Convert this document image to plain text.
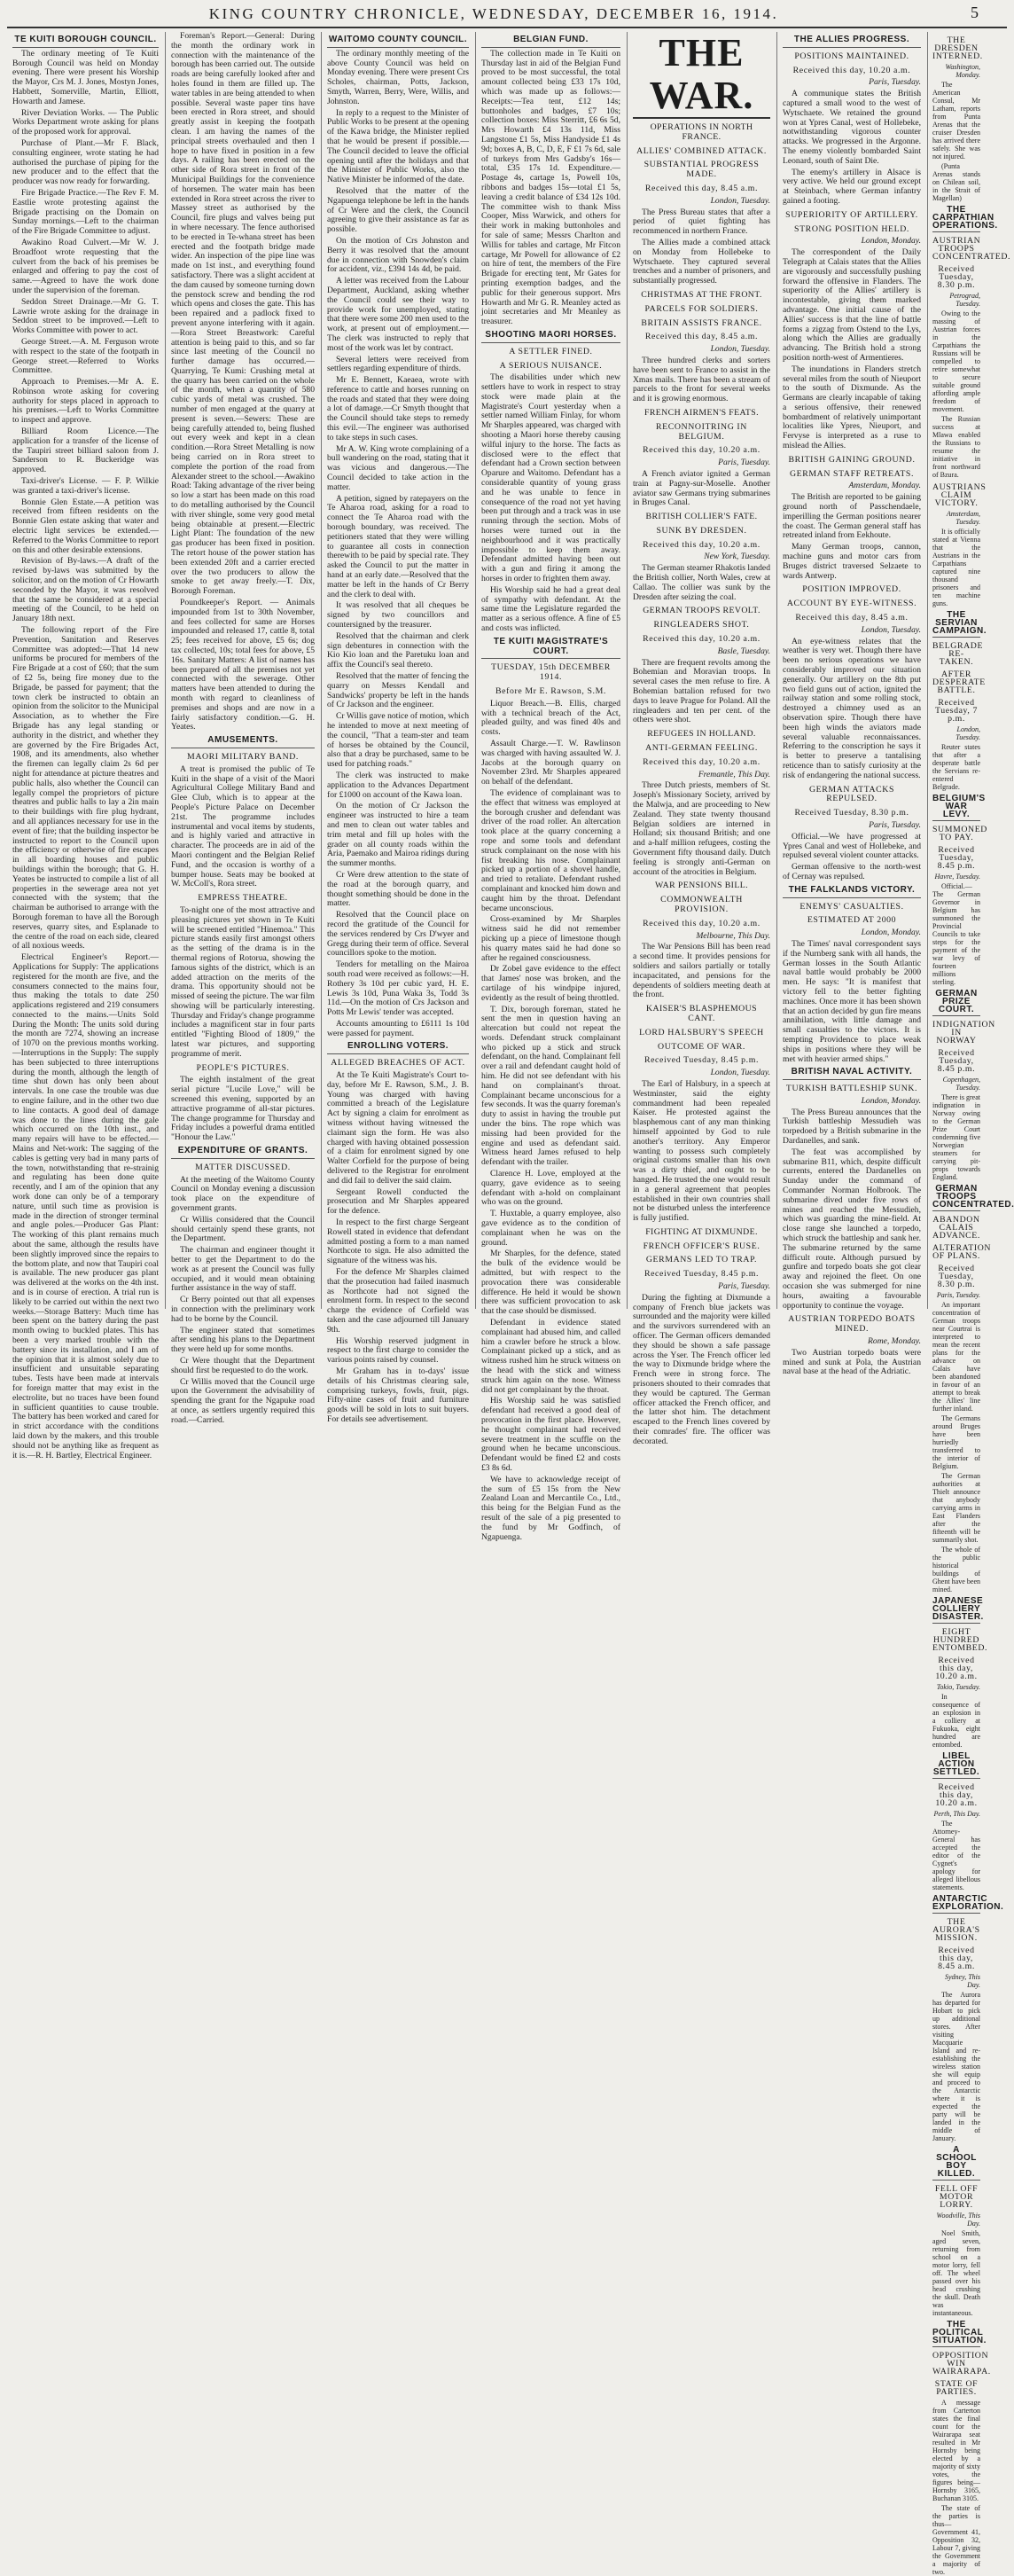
KING COUNTRY CHRONICLE, WEDNESDAY, DECEMBER 16, 1914.	5
TE KUITI BOROUGH COUNCIL.

The ordinary meeting of Te Kuiti Borough Council was held on Monday evening. There were present his Worship the Mayor, Crs M. J. Jones, Mostyn Jones, Habbett, Somerville, Martin, Elliott, Howarth and Jamese.

River Deviation Works. — The Public Works Department wrote asking for plans of the proposed work for approval.

Purchase of Plant.—Mr F. Black, consulting engineer, wrote stating he had authorised the purchase of piping for the new producer and to the effect that the producer was now ready for forwarding.

Fire Brigade Practice.—The Rev F. M. Eastlie wrote protesting against the Brigade practising on the Domain on Sunday mornings.—Left to the chairman of the Fire Brigade Committee to adjust.

Awakino Road Culvert.—Mr W. J. Broadfoot wrote requesting that the culvert from the back of his premises be enlarged and offering to pay the cost of same.—Agreed to have the work done under the supervision of the foreman.

Seddon Street Drainage.—Mr G. T. Lawrie wrote asking for the drainage in Seddon street to be improved.—Left to Works Committee with power to act.

George Street.—A. M. Ferguson wrote with respect to the state of the footpath in George street.—Referred to Works Committee.

Approach to Premises.—Mr A. E. Robinson wrote asking for covering authority for steps placed in approach to his premises.—Left to Works Committee to inspect and approve.

Billiard Room Licence.—The application for a transfer of the license of the Taupiri street billiard saloon from J. Sanderson to R. Buckeridge was approved.

Taxi-driver's License. — F. P. Wilkie was granted a taxi-driver's license.

Bonnie Glen Estate.—A petition was received from fifteen residents on the Bonnie Glen estate asking that water and electric light services be extended.—Referred to the Works Committee to report on this and other desirable extensions.

Revision of By-laws.—A draft of the revised by-laws was submitted by the solicitor, and on the motion of Cr Howarth seconded by the Mayor, it was resolved that the same be considered at a special meeting of the Council, to be held on January 18th next.

The following report of the Fire Prevention, Sanitation and Reserves Committee was adopted:—That 14 new uniforms be procured for members of the Fire Brigade at a cost of £60; that the sum of £2 5s, being fire money due to the Brigade, be passed for payment; that the town clerk be instructed to obtain an opinion from the solicitor to the Municipal Association, as to whether the Fire Brigade has any legal standing or authority in the district, and whether they are governed by the Fire Brigades Act, 1908, and its amendments, also whether the firemen can legally claim 2s 6d per night for attendance at picture theatres and public halls, also whether the Council can legally compel the proprietors of picture theatres and public halls to lay a 2in main to their buildings with fire plug hydrant, and all appliances necessary for use in the event of fire; that the building inspector be instructed to report to the Council upon the efficiency or otherwise of fire escapes in all boarding houses and public buildings within the borough; that G. H. Yeates be instructed to compile a list of all properties in the sewerage area not yet connected with the system; that the chairman be authorised to arrange with the Borough foreman to have all the Borough reserves, quarry sites, and Esplanade to the centre of the road on each side, cleared of all noxious weeds.

Electrical Engineer's Report.—Applications for Supply: The applications registered for the month are five, and the consumers connected to the mains four, thus making the totals to date 250 applications registered and 219 consumers connected to the mains.—Units Sold During the Month: The units sold during the month are 7274, showing an increase of 1070 on the previous months working.—Interruptions in the Supply: The supply has been subjected to three interruptions during the month, although the length of time shut down has only been about intervals. In one case the trouble was due to engine failure, and in the other two due to line contacts. A good deal of damage was done to the lines during the gale which occurred on the 10th inst., and many repairs will have to be effected.—Mains and Net-work: The sagging of the cables is getting very bad in many parts of the town, notwithstanding that re-strainig and regulating has been done quite recently, and I am of the opinion that any work done can only be of a temporary nature, until such time as provision is made in the direction of stronger terminal and angle poles.—Producer Gas Plant: The working of this plant remains much about the same, although the results have been slightly improved since the repairs to the bottom plate, and now that Taupiri coal is available. The new producer gas plant was delivered at the works on the 4th inst. and is in course of erection. A trial run is likely to be carried out within the next two weeks.—Storage Battery: Much time has been spent on the battery during the past month owing to buckled plates. This has been a very marked trouble with the battery since its installation, and I am of the opinion that it is almost solely due to insufficient and unsuitable separating tubes. Tests have been made at intervals for foreign matter that may exist in the electrolite, but no traces have been found in sufficient quantities to cause trouble. The battery has been worked and cared for in strict accordance with the conditions laid down by the makers, and this trouble should not be anything like as frequent as it is.—R. H. Bartley, Electrical Engineer.

Foreman's Report.—General: During the month the ordinary work in connection with the maintenance of the borough has been carried out. The outside roads are being carefully looked after and holes found in them are filled up. The water tables in are being attended to when possible. Several waste paper tins have been erected in Rora street, and should greatly assist in keeping the footpath clean. I am having the names of the principal streets overhauled and then I hope to have fixed in position in a few days. A railing has been erected on the other side of Rora street in front of the Municipal Buildings for the convenience of horsemen. The water main has been extended in Rora street across the river to Massey street as authorised by the Council, fire plugs and valves being put in where necessary. The fence authorised to be erected in Te-whana street has been erected and the footpath bridge made wider. An inspection of the pipe line was made on 1st inst., and everything found satisfactory. There was a slight accident at the dam caused by someone turning down the penstock screw and bending the rod which opens and closes the gate. This has been repaired and a padlock fixed to prevent anyone interfering with it again.—Rora Street Breastwork: Careful attention is being paid to this, and so far since last meeting of the Council no further damage has occurred.—Quarrying, Te Kumi: Crushing metal at the quarry has been carried on the whole of the month, when a quantity of 580 cubic yards of metal was crushed. The number of men engaged at the quarry at present is seven.—Sewers: These are being carefully attended to, being flushed out every week and kept in a clean condition.—Rora Street Metalling is now being carried on in Rora street to complete the portion of the road from Alexander street to the school.—Awakino Road: Taking advantage of the river being so low a start has been made on this road to do metalling authorised by the Council with river shingle, some very good metal being obtainable at present.—Electric Light Plant: The foundation of the new gas producer has been fixed in position. The retort house of the power station has been extended 20ft and a carrier erected over the two producers to allow the smoke to get away freely.—T. Dix, Borough Foreman.

Poundkeeper's Report. — Animals impounded from 1st to 30th November, and fees collected for same are Horses impounded and released 17, cattle 8, total 25; fees received for above, £5 6s; dog tax collected, 10s; total fees for above, £5 16s. Sanitary Matters: A list of names has been prepared of all the premises not yet connected with the sewerage. Other matters have been attended to during the month with regard to cleanliness of premises and shops and are now in a fairly satisfactory condition.—G. H. Yeates.

AMUSEMENTS.
MAORI MILITARY BAND.

A treat is promised the public of Te Kuiti in the shape of a visit of the Maori Agricultural College Military Band and Glee Club, which is to appear at the People's Picture Palace on December 21st. The programme includes instrumental and vocal items by students, and is highly varied and attractive in character. The proceeds are in aid of the Maori contingent and the Belgian Relief Fund, and the occasion is worthy of a bumper house. Seats may be booked at W. McColl's, Rora street.

EMPRESS THEATRE.

To-night one of the most attractive and pleasing pictures yet shown in Te Kuiti will be screened entitled "Hinemoa." This picture stands easily first amongst others as the setting of the drama is in the thermal regions of Rotorua, showing the famous sights of the district, which is an added attraction on the merits of the drama. This opportunity should not be missed of seeing the picture. The war film showing will be particularly interesting. Thursday and Friday's change programme includes a magnificent star in four parts entitled "Fighting Blood of 1809," the latest war pictures, and supporting programme of merit.

PEOPLE'S PICTURES.

The eighth instalment of the great serial picture "Lucile Love," will be screened this evening, supported by an attractive programme of all-star pictures. The change programme for Thursday and Friday includes a powerful drama entitled "Honour the Law."

EXPENDITURE OF GRANTS.
MATTER DISCUSSED.

At the meeting of the Waitomo County Council on Monday evening a discussion took place on the expenditure of government grants.

Cr Willis considered that the Council should certainly spend these grants, not the Department.

The chairman and engineer thought it better to get the Department to do the work as at present the Council was fully occupied, and it would mean obtaining further assistance in the way of staff.

Cr Berry pointed out that all expenses in connection with the preliminary work had to be borne by the Council.

The engineer stated that sometimes after sending his plans to the Department they were held up for some months.

Cr Were thought that the Department should first be requested to do the work.

Cr Willis moved that the Council urge upon the Government the advisability of spending the grant for the Ngapuke road at once, as settlers urgently required this road.—Carried.

WAITOMO COUNTY COUNCIL.

The ordinary monthly meeting of the above County Council was held on Monday evening. There were present Crs Scholes, chairman, Potts, Jackson, Smyth, Warren, Berry, Were, Willis, and Johnston.

In reply to a request to the Minister of Public Works to be present at the opening of the Kawa bridge, the Minister replied that he would be present if possible.—The Council decided to leave the official opening until after the holidays and that the Minister of Public Works, also the Native Minister be informed of the date.

Resolved that the matter of the Ngapuenga telephone be left in the hands of Cr Were and the clerk, the Council agreeing to give their assistance as far as possible.

On the motion of Crs Johnston and Berry it was resolved that the amount due in connection with Snowden's claim for accident, viz., £394 14s 4d, be paid.

A letter was received from the Labour Department, Auckland, asking whether the Council could see their way to provide work for unemployed, stating that there were some 200 men used to the work, at present out of employment.—The clerk was instructed to reply that most of the work was let by contract.

Several letters were received from settlers regarding expenditure of thirds.

Mr E. Bennett, Kaeaea, wrote with reference to cattle and horses running on the roads and stated that they were doing a lot of damage.—Cr Smyth thought that the Council should take steps to remedy this evil.—The engineer was authorised to take steps in such cases.

Mr A. W. King wrote complaining of a bull wandering on the road, stating that it was vicious and dangerous.—The Council decided to take action in the matter.

A petition, signed by ratepayers on the Te Aharoa road, asking for a road to connect the Te Aharoa road with the borough boundary, was received. The petitioners stated that they were willing to guarantee all costs in connection therewith to be paid by special rate. They asked the Council to put the matter in hand at an early date.—Resolved that the matter be left in the hands of Cr Berry and the clerk to deal with.

It was resolved that all cheques be signed by two councillors and countersigned by the treasurer.

Resolved that the chairman and clerk sign debentures in connection with the Kio Kio loan and the Paretuku loan and affix the Council's seal thereto.

Resolved that the matter of fencing the quarry on Messrs Kendall and Sandwicks' property be left in the hands of Cr Jackson and the engineer.

Cr Willis gave notice of motion, which he intended to move at next meeting of the council, "That a team-ster and team of horses be obtained by the Council, also that a dray be purchased, same to be used for patching roads."

The clerk was instructed to make application to the Advances Department for £1000 on account of the Kawa loan.

On the motion of Cr Jackson the engineer was instructed to hire a team and men to clean out water tables and trim metal and fill up holes with the grader on all county roads within the Aria, Paemako and Mairoa ridings during the summer months.

Cr Were drew attention to the state of the road at the borough quarry, and thought something should be done in the matter.

Resolved that the Council place on record the gratitude of the Council for the services rendered by Crs D'wyer and Gregg during their term of office. Several councillors spoke to the motion.

Tenders for metalling on the Mairoa south road were received as follows:—H. Rothery 3s 10d per cubic yard, H. E. Lewis 3s 10d, Puna Waka 3s, Todd 3s 11d.—On the motion of Crs Jackson and Potts Mr Lewis' tender was accepted.

Accounts amounting to £6111 1s 10d were passed for payment.

ENROLLING VOTERS.
ALLEGED BREACHES OF ACT.

At the Te Kuiti Magistrate's Court to-day, before Mr E. Rawson, S.M., J. B. Young was charged with having committed a breach of the Legislature Act by signing a claim for enrolment as witness without having witnessed the claimant sign the form. He was also charged with having obtained possession of a claim for enrolment signed by one Walter Corfield for the purpose of being delivered to the Registrar for enrolment and did fail to deliver the said claim.

Sergeant Rowell conducted the prosecution and Mr Sharples appeared for the defence.

In respect to the first charge Sergeant Rowell stated in evidence that defendant admitted posting a form to a man named Northcote to sign. He also admitted the signature of the witness was his.

For the defence Mr Sharples claimed that the prosecution had failed inasmuch as Northcote had not signed the enrolment form. In respect to the second charge the evidence of Corfield was taken and the case adjourned till January 9th.

His Worship reserved judgment in respect to the first charge to consider the various points raised by counsel.

Mr Graham has in to-days' issue details of his Christmas clearing sale, comprising turkeys, fowls, fruit, pigs. Fifty-nine cases of fruit and furniture goods will be sold in lots to suit buyers. For details see advertisement.

BELGIAN FUND.

The collection made in Te Kuiti on Thursday last in aid of the Belgian Fund proved to be most successful, the total amount collected being £33 17s 10d, which was made up as follows:—Receipts:—Tea tent, £12 14s; buttonholes and badges, £7 10s; collection boxes: Miss Sterritt, £6 6s 5d, Mrs Howarth £4 13s 11d, Miss Langstone £1 5s, Miss Handyside £1 4s 9d; boxes A, B, C, D, E, F £1 7s 6d, sale of turkeys from Mrs Gadsby's 16s—total, £35 17s 1d. Expenditure.—Postage 4s, cartage 1s, Powell 10s, ribbons and badges 15s—total £1 5s, leaving a credit balance of £34 12s 10d. The committee wish to thank Miss Cooper, Miss Warwick, and others for their work in making buttonholes and for sale of same; Messrs Charlton and Willis for tables and cartage, Mr Fitcon cartage, Mr Powell for allowance of £2 on hire of tent, the members of the Fire Brigade for erecting tent, Mr Gates for printing exemption badges, and the public for their generous support. Mrs Howarth and Mr G. R. Meanley acted as joint secretaries and Mr Meanley as treasurer.

SHOOTING MAORI HORSES.
A SETTLER FINED.
A SERIOUS NUISANCE.

The disabilities under which new settlers have to work in respect to stray stock were made plain at the Magistrate's Court yesterday when a settler named William Finlay, for whom Mr Sharples appeared, was charged with shooting a Maori horse thereby causing wilful injury to the horse. The facts as disclosed were to the effect that defendant had a Crown section between Oparure and Waitomo. Defendant has a considerable quantity of young grass and he was unable to fence in consequence of the road not yet having been put through and a track was in use running through the section. Mobs of horses were turned out in the neighbourhood and it was practically impossible to keep them away. Defendant admitted having been out with a gun and firing it among the horses in order to frighten them away.

His Worship said he had a great deal of sympathy with defendant. At the same time the Legislature regarded the matter as a serious offence. A fine of £5 and costs was inflicted.

TE KUITI MAGISTRATE'S COURT.
TUESDAY, 15th DECEMBER 1914.
Before Mr E. Rawson, S.M.

Liquor Breach.—B. Ellis, charged with a technical breach of the Act, pleaded guilty, and was fined 40s and costs.

Assault Charge.—T. W. Rawlinson was charged with having assaulted W. J. Jacobs at the borough quarry on November 23rd. Mr Sharples appeared on behalf of the defendant.

The evidence of complainant was to the effect that witness was employed at the borough crusher and defendant was driver of the road roller. An altercation took place at the quarry concerning a rope and some tools and defendant struck complainant on the nose with his fist breaking his nose. Complainant picked up a portion of a shovel handle, and tried to retaliate. Defendant rushed complainant and knocked him down and caught him by the throat. Defendant became unconscious.

Cross-examined by Mr Sharples witness said he did not remember picking up a piece of limestone though his quarry mates said he had done so after he regained consciousness.

Dr Zobel gave evidence to the effect that James' nose was broken, and the cartilage of his windpipe injured, evidently as the result of being throttled.

T. Dix, borough foreman, stated he sent the men in question having an altercation but could not repeat the words. Defendant struck complainant who picked up a stick and struck defendant, on the hand. Complainant fell over a rail and defendant caught hold of him. He did not see defendant with his hand on complainant's throat. Complainant became unconscious for a few seconds. It was the quarry foreman's duty to assist in having the trouble put under the bins. The rope which was missing had been provided for the engine and used as defendant said. Witness heard James refused to help defendant with the trailer.

Clarence H. Love, employed at the quarry, gave evidence as to seeing defendant with a-hold on complainant who was on the ground.

T. Huxtable, a quarry employee, also gave evidence as to the condition of complainant when he was on the ground.

Mr Sharples, for the defence, stated the bulk of the evidence would be admitted, but with respect to the provocation there was considerable difference. He held it would be shown there was sufficient provocation to ask that the case should be dismissed.

Defendant in evidence stated complainant had abused him, and called him a crawler before he struck a blow. Complainant picked up a stick, and as witness rushed him he struck witness on the head with the stick and witness struck him again on the nose. Witness did not get complainant by the throat.

His Worship said he was satisfied defendant had received a good deal of provocation in the first place. However, he thought complainant had received severe treatment in the scuffle on the ground when he became unconscious. Defendant would be fined £2 and costs £3 8s 6d.

We have to acknowledge receipt of the sum of £5 15s from the New Zealand Loan and Mercantile Co., Ltd., this being for the Belgian Fund as the result of the sale of a pig presented to the fund by Mr Godfinch, of Ngapuenga.

THE WAR.
OPERATIONS IN NORTH FRANCE.
ALLIES' COMBINED ATTACK.
SUBSTANTIAL PROGRESS MADE.
Received this day, 8.45 a.m.
London, Tuesday.

The Press Bureau states that after a period of quiet fighting has recommenced in northern France.

The Allies made a combined attack on Monday from Hollebeke to Wytschaete. They captured several trenches and a number of prisoners, and substantially progressed.

CHRISTMAS AT THE FRONT.
PARCELS FOR SOLDIERS.
BRITAIN ASSISTS FRANCE.
Received this day, 8.45 a.m.
London, Tuesday.

Three hundred clerks and sorters have been sent to France to assist in the Xmas mails. There has been a stream of parcels to the front for several weeks and it is growing enormous.

FRENCH AIRMEN'S FEATS.
RECONNOITRING IN BELGIUM.
Received this day, 10.20 a.m.
Paris, Tuesday.

A French aviator ignited a German train at Pagny-sur-Moselle. Another aviator saw Germans trying submarines in Bruges Canal.

BRITISH COLLIER'S FATE.
SUNK BY DRESDEN.
Received this day, 10.20 a.m.
New York, Tuesday.

The German steamer Rhakotis landed the British collier, North Wales, crew at Callao. The collier was sunk by the Dresden after seizing the coal.

GERMAN TROOPS REVOLT.
RINGLEADERS SHOT.
Received this day, 10.20 a.m.
Basle, Tuesday.

There are frequent revolts among the Bohemian and Moravian troops. In several cases the men refuse to fire. A Bohemian battalion refused for two days to leave Prague for Poland. All the ringleaders and ten per cent. of the others were shot.

REFUGEES IN HOLLAND.
ANTI-GERMAN FEELING.
Received this day, 10.20 a.m.
Fremantle, This Day.

Three Dutch priests, members of St. Joseph's Missionary Society, arrived by the Malwja, and are proceeding to New Zealand. They state twenty thousand Belgian soldiers are interned in Holland; six thousand British; and one and a-half million refugees, costing the Government fifty thousand daily. Dutch feeling is strongly anti-German on account of the atrocities in Belgium.

WAR PENSIONS BILL.
COMMONWEALTH PROVISION.
Received this day, 10.20 a.m.
Melbourne, This Day.

The War Pensions Bill has been read a second time. It provides pensions for soldiers and sailors partially or totally incapacitated, and pensions for the dependents of soldiers meeting death at the front.

KAISER'S BLASPHEMOUS CANT.
LORD HALSBURY'S SPEECH
OUTCOME OF WAR.
Received Tuesday, 8.45 p.m.
London, Tuesday.

The Earl of Halsbury, in a speech at Westminster, said the eighty commandment had been repealed Kaiser. He protested against the blasphemous cant of any man thinking himself appointed by God to rule another's territory. Any Emperor wanting to possess such completely original customs smaller than his own was a dirty thief, and ought to be hanged. He trusted the one would result in a general agreement that peoples established in their own countries shall not be disturbed unless the interference is fully justified.

FIGHTING AT DIXMUNDE.
FRENCH OFFICER'S RUSE.
GERMANS LED TO TRAP.
Received Tuesday, 8.45 p.m.
Paris, Tuesday.

During the fighting at Dixmunde a company of French blue jackets was surrounded and the majority were killed and the survivors surrendered with an officer. The German officers demanded they should be shown a safe passage across the Yser. The French officer led the way to Dixmunde bridge where the French were in strong force. The prisoners shouted to their comrades that they would be captured. The German officer attacked the French officer, and the latter shot him. The detachment escaped to the French lines covered by their comrades' fire. The officer was decorated.

THE ALLIES PROGRESS.
POSITIONS MAINTAINED.
Received this day, 10.20 a.m.
Paris, Tuesday.

A communique states the British captured a small wood to the west of Wytschaete. We retained the ground won at Ypres Canal, west of Hollebeke, notwithstanding vigorous counter attacks. We progressed in the Argonne. The enemy violently bombarded Saint Leonard, south of Saint Die.

The enemy's artillery in Alsace is very active. We held our ground except at Steinbach, where German infantry gained a footing.

SUPERIORITY OF ARTILLERY.
STRONG POSITION HELD.
London, Monday.

The correspondent of the Daily Telegraph at Calais states that the Allies are vigorously and successfully pushing forward the offensive in Flanders. The superiority of the Allies' artillery is incontestable, giving them marked advantage. One initial cause of the Allies' success is that the line of battle forms a zigzag from Ostend to the Lys, along which the Allies are gradually advancing. The British hold a strong position north-west of Armentieres.

The inundations in Flanders stretch several miles from the south of Nieuport to the south of Dixmunde. As the Germans are clearly incapable of taking a serious offensive, their renewed bombardment of relatively unimportant localities like Ypres, Nieuport, and Fervyse is interpreted as a ruse to mislead the Allies.

BRITISH GAINING GROUND.
GERMAN STAFF RETREATS.
Amsterdam, Monday.

The British are reported to be gaining ground north of Passchendaele, imperilling the German positions nearer the coast. The German general staff has retreated inland from Eekhoute.

Many German troops, cannon, machine guns and motor cars from Bruges district traversed Selzaete to wards Antwerp.

POSITION IMPROVED.
ACCOUNT BY EYE-WITNESS.
Received this day, 8.45 a.m.
London, Tuesday.

An eye-witness relates that the weather is very wet. Though there have been no serious operations we have considerably improved our situation generally. Our artillery on the 8th put two field guns out of action, ignited the railway station and some rolling stock, destroyed a chimney used as an observation spire. Though there have been high winds the aviators made several valuable reconnaissances. Referring to the conscription he says it is better to preserve a tantalising reticence than to satisfy curiosity at the risk of endangering the national success.

GERMAN ATTACKS REPULSED.
Received Tuesday, 8.30 p.m.
Paris, Tuesday.

Official.—We have progressed at Ypres Canal and west of Hollebeke, and repulsed several violent counter attacks.

German offensive to the north-west of Cernay was repulsed.

THE FALKLANDS VICTORY.
ENEMYS' CASUALTIES.
ESTIMATED AT 2000
London, Monday.

The Times' naval correspondent says if the Nurnberg sank with all hands, the German losses in the South Atlantic naval battle would probably be 2000 men. He says: "It is manifest that victory fell to the better fighting machines. Once more it has been shown that an action decided by gun fire means annihilation, with little damage and small casualties to the victors. It is tempting Providence to place weak ships in positions where they will be met with heavier armed ships."

BRITISH NAVAL ACTIVITY.
TURKISH BATTLESHIP SUNK.
London, Monday.

The Press Bureau announces that the Turkish battleship Messudieh was torpedoed by a British submarine in the Dardanelles, and sank.

The feat was accomplished by submarine B11, which, despite difficult currents, entered the Dardanelles on Sunday under the command of Commander Norman Holbrook. The submarine dived under five rows of mines and reached the Messudieh, which was guarding the mine-field. At close range she launched a torpedo, which struck the battleship and sank her. The submarine returned by the same difficult route. Although pursued by gunfire and torpedo boats she got clear away and rejoined the fleet. On one occasion she was submerged for nine hours, awaiting a favourable opportunity to continue the voyage.

AUSTRIAN TORPEDO BOATS MINED.
Rome, Monday.

Two Austrian torpedo boats were mined and sunk at Pola, the Austrian naval base at the head of the Adriatic.

THE DRESDEN INTERNED.
Washington, Monday.

The American Consul, Mr Latham, reports from Punta Arenas that the cruiser Dresden has arrived there safely. She was not injured.

(Punta Arenas stands on Chilean soil, in the Strait of Magellan)

THE CARPATHIAN OPERATIONS.
AUSTRIAN TROOPS CONCENTRATED.
Received Tuesday, 8.30 p.m.
Petrograd, Tuesday.

Owing to the massing of Austrian forces in the Carpathians the Russians will be compelled to retire somewhat to secure suitable ground affording ample freedom of movement.

The Russian success at Mlawa enabled the Russians to resume the initiative in front northward of Bzura.

AUSTRIANS CLAIM VICTORY.
Amsterdam, Tuesday.

It is officially stated at Vienna that the Austrians in the Carpathians captured nine thousand prisoners and ten machine guns.

THE SERVIAN CAMPAIGN.
BELGRADE RE-TAKEN.
AFTER DESPERATE BATTLE.
Received Tuesday, 7 p.m.
London, Tuesday.

Reuter states that after a desperate battle the Servians re-entered Belgrade.

BELGIUM'S WAR LEVY.
SUMMONED TO PAY.
Received Tuesday, 8.45 p.m.
Havre, Tuesday.

Official.—The German Governor in Belgium has summoned the Provincial Councils to take steps for the payment of the war levy of fourteen millions sterling.

GERMAN PRIZE COURT.
INDIGNATION IN NORWAY
Received Tuesday, 8.45 p.m.
Copenhagen, Tuesday.

There is great indignation in Norway owing to the German Prize Court condemning five Norwegian steamers for carrying pit-props towards England.

GERMAN TROOPS CONCENTRATED.
ABANDON CALAIS ADVANCE.
ALTERATION OF PLANS.
Received Tuesday, 8.30 p.m.
Paris, Tuesday.

An important concentration of German troops near Courtrai is interpreted to mean the recent plans for the advance on Calais have been abandoned in favour of an attempt to break the Allies' line further inland.

The Germans around Bruges have been hurriedly transferred to the interior of Belgium.

The German authorities at Thielt announce that anybody carrying arms in East Flanders after the fifteenth will be summarily shot.

The whole of the public historical buildings of Ghent have been mined.

JAPANESE COLLIERY DISASTER.
EIGHT HUNDRED ENTOMBED.
Received this day, 10.20 a.m.
Tokio, Tuesday.

In consequence of an explosion in a colliery at Fukuoka, eight hundred are entombed.

LIBEL ACTION SETTLED.
Received this day, 10.20 a.m.
Perth, This Day.

The Attorney-General has accepted the editor of the Cygnet's apology for alleged libellous statements.

ANTARCTIC EXPLORATION.
THE AURORA'S MISSION.
Received this day, 8.45 a.m.
Sydney, This Day.

The Aurora has departed for Hobart to pick up additional stores. After visiting Macquarie Island and re-establishing the wireless station she will equip and proceed to the Antarctic where it is expected the party will be landed in the middle of January.

A SCHOOL BOY KILLED.
FELL OFF MOTOR LORRY.
Woodville, This Day.

Noel Smith, aged seven, returning from school on a motor lorry, fell off. The wheel passed over his head crushing the skull. Death was instantaneous.

THE POLITICAL SITUATION.
OPPOSITION WIN WAIRARAPA.
STATE OF PARTIES.

A message from Carterton states the final count for the Wairarapa seat resulted in Mr Hornsby being elected by a majority of sixty votes, the figures being—Hornsby 3165, Buchanan 3105.

The state of the parties is thus—Government 41, Opposition 32, Labour 7, giving the Government a majority of two.
